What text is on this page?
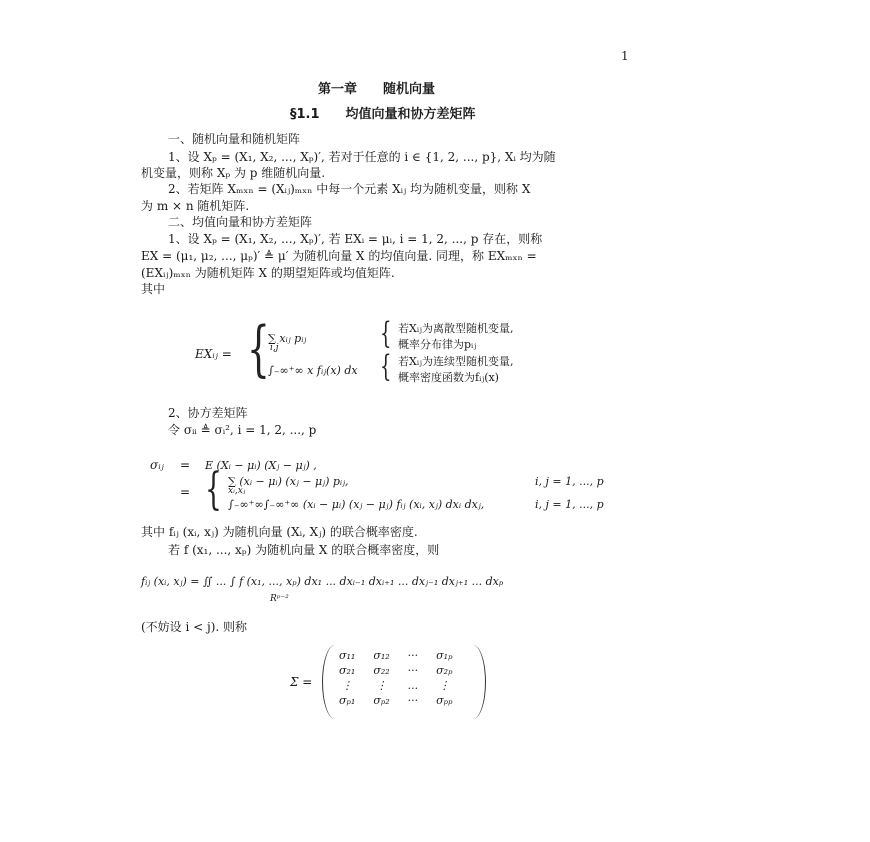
1
第一章　　随机向量
§1.1　　均值向量和协方差矩阵
一、随机向量和随机矩阵
1、设 Xₚ = (X₁, X₂, ..., Xₚ)′, 若对于任意的 i ∈ {1, 2, ..., p}, Xᵢ 均为随
机变量，则称 Xₚ 为 p 维随机向量.
2、若矩阵 Xₘₓₙ = (Xᵢⱼ)ₘₓₙ 中每一个元素 Xᵢⱼ 均为随机变量，则称 X
为 m × n 随机矩阵.
二、均值向量和协方差矩阵
1、设 Xₚ = (X₁, X₂, ..., Xₚ)′, 若 EXᵢ = μᵢ, i = 1, 2, ..., p 存在，则称
EX = (μ₁, μ₂, ..., μₚ)′ ≜ μ′ 为随机向量 X 的均值向量. 同理，称 EXₘₓₙ =
(EXᵢⱼ)ₘₓₙ 为随机矩阵 X 的期望矩阵或均值矩阵.
其中
EXᵢⱼ = {
∑ xᵢⱼ pᵢⱼ
i,j
∫₋∞⁺∞ x fᵢⱼ(x) dx
{ 若Xᵢⱼ为离散型随机变量,
概率分布律为pᵢⱼ
{ 若Xᵢⱼ为连续型随机变量,
概率密度函数为fᵢⱼ(x)
2、协方差矩阵
令 σᵢᵢ ≜ σᵢ², i = 1, 2, ..., p
σᵢⱼ = E (Xᵢ − μᵢ) (Xⱼ − μⱼ) ,
= { ∑ (xᵢ − μᵢ) (xⱼ − μⱼ) pᵢⱼ,
xᵢ,xⱼ
i, j = 1, ..., p
∫₋∞⁺∞∫₋∞⁺∞ (xᵢ − μᵢ) (xⱼ − μⱼ) fᵢⱼ (xᵢ, xⱼ) dxᵢ dxⱼ,	i, j = 1, ..., p
其中 fᵢⱼ (xᵢ, xⱼ) 为随机向量 (Xᵢ, Xⱼ) 的联合概率密度.
若 f (x₁, ..., xₚ) 为随机向量 X 的联合概率密度，则
fᵢⱼ (xᵢ, xⱼ) = ∬ ... ∫ f (x₁, ..., xₚ) dx₁ ... dxᵢ₋₁ dxᵢ₊₁ ... dxⱼ₋₁ dxⱼ₊₁ ... dxₚ
Rᵖ⁻²
(不妨设 i < j). 则称
Σ =
σ₁₁	σ₁₂	···	σ₁ₚ
σ₂₁	σ₂₂	···	σ₂ₚ
⋮	⋮	...	⋮
σₚ₁	σₚ₂	···	σₚₚ
